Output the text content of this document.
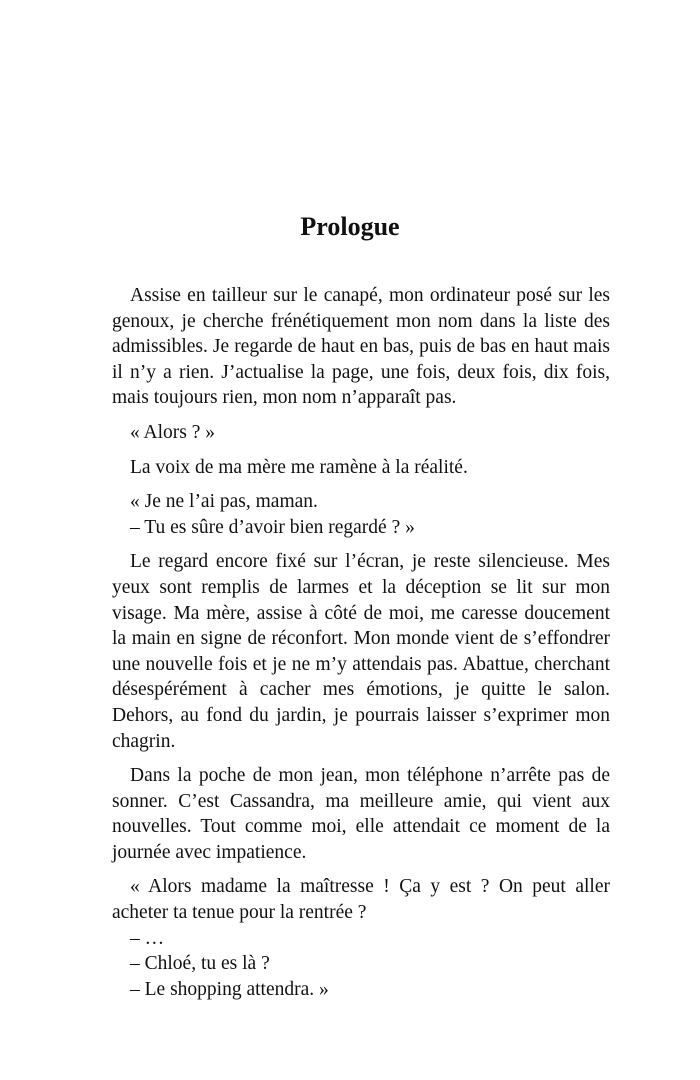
Prologue

Assise en tailleur sur le canapé, mon ordinateur posé sur les genoux, je cherche frénétiquement mon nom dans la liste des admissibles. Je regarde de haut en bas, puis de bas en haut mais il n’y a rien. J’actualise la page, une fois, deux fois, dix fois, mais toujours rien, mon nom n’apparaît pas.

« Alors ? »

La voix de ma mère me ramène à la réalité.

« Je ne l’ai pas, maman.

– Tu es sûre d’avoir bien regardé ? »

Le regard encore fixé sur l’écran, je reste silencieuse. Mes yeux sont remplis de larmes et la déception se lit sur mon visage. Ma mère, assise à côté de moi, me caresse doucement la main en signe de réconfort. Mon monde vient de s’effondrer une nouvelle fois et je ne m’y attendais pas. Abattue, cherchant désespérément à cacher mes émotions, je quitte le salon. Dehors, au fond du jardin, je pourrais laisser s’exprimer mon chagrin.

Dans la poche de mon jean, mon téléphone n’arrête pas de sonner. C’est Cassandra, ma meilleure amie, qui vient aux nouvelles. Tout comme moi, elle attendait ce moment de la journée avec impatience.

« Alors madame la maîtresse ! Ça y est ? On peut aller acheter ta tenue pour la rentrée ?

– …

– Chloé, tu es là ?

– Le shopping attendra. »
